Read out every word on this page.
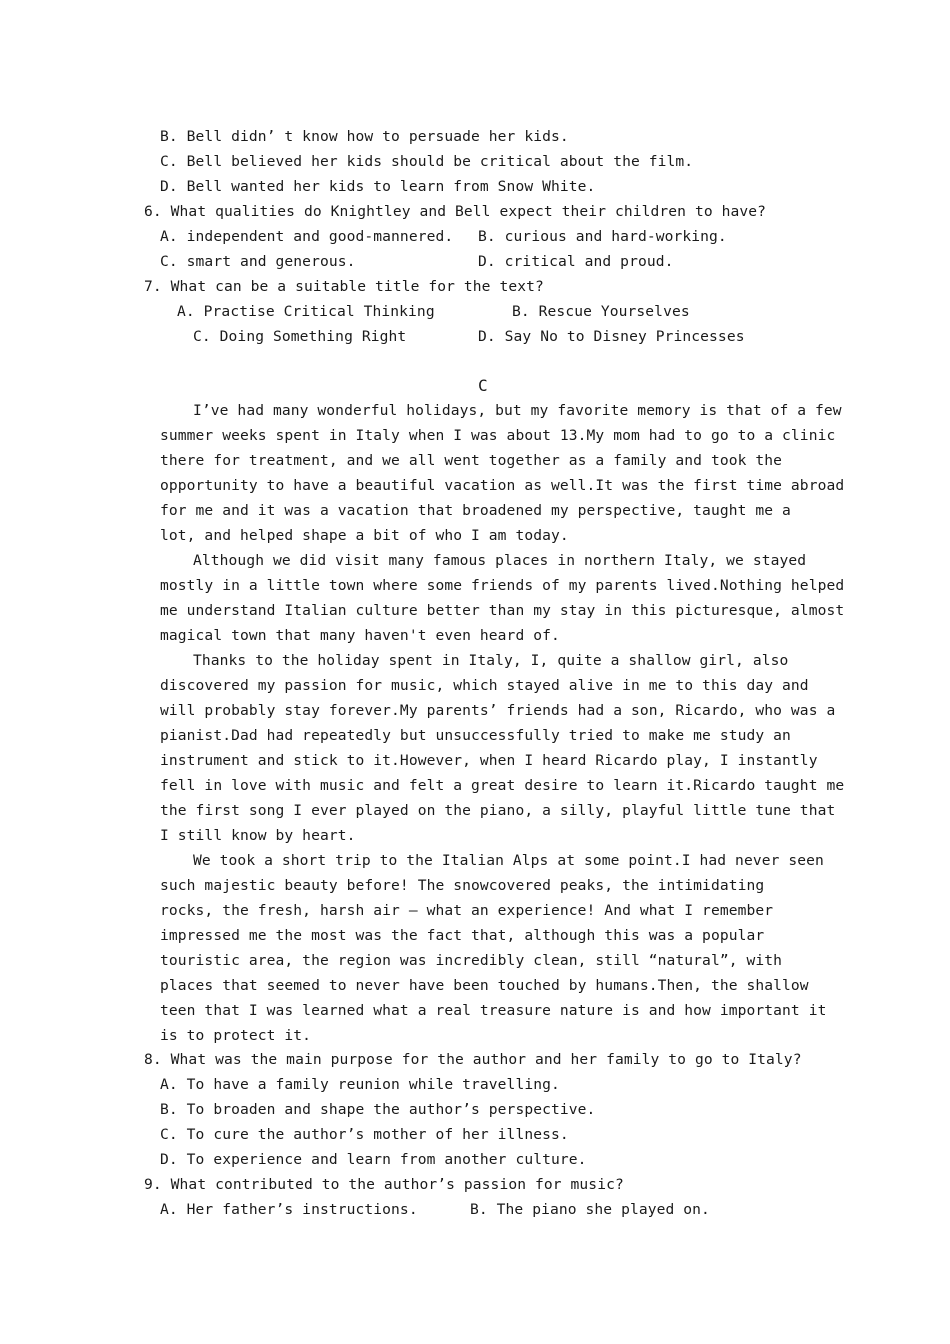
B. Bell didn’ t know how to persuade her kids.
C. Bell believed her kids should be critical about the film.
D. Bell wanted her kids to learn from Snow White.
6. What qualities do Knightley and Bell expect their children to have?
A. independent and good-mannered. B. curious and hard-working.
C. smart and generous.	D. critical and proud.
7. What can be a suitable title for the text?
A. Practise Critical Thinking	B. Rescue Yourselves
C. Doing Something Right	D. Say No to Disney Princesses
C
I’ve had many wonderful holidays, but my favorite memory is that of a few
summer weeks spent in Italy when I was about 13.My mom had to go to a clinic
there for treatment, and we all went together as a family and took the
opportunity to have a beautiful vacation as well.It was the first time abroad
for me and it was a vacation that broadened my perspective, taught me a
lot, and helped shape a bit of who I am today.
Although we did visit many famous places in northern Italy, we stayed
mostly in a little town where some friends of my parents lived.Nothing helped
me understand Italian culture better than my stay in this picturesque, almost
magical town that many haven't even heard of.
Thanks to the holiday spent in Italy, I, quite a shallow girl, also
discovered my passion for music, which stayed alive in me to this day and
will probably stay forever.My parents’ friends had a son, Ricardo, who was a
pianist.Dad had repeatedly but unsuccessfully tried to make me study an
instrument and stick to it.However, when I heard Ricardo play, I instantly
fell in love with music and felt a great desire to learn it.Ricardo taught me
the first song I ever played on the piano, a silly, playful little tune that
I still know by heart.
We took a short trip to the Italian Alps at some point.I had never seen
such majestic beauty before! The snowcovered peaks, the intimidating
rocks, the fresh, harsh air — what an experience! And what I remember
impressed me the most was the fact that, although this was a popular
touristic area, the region was incredibly clean, still “natural”, with
places that seemed to never have been touched by humans.Then, the shallow
teen that I was learned what a real treasure nature is and how important it
is to protect it.
8. What was the main purpose for the author and her family to go to Italy?
A. To have a family reunion while travelling.
B. To broaden and shape the author’s perspective.
C. To cure the author’s mother of her illness.
D. To experience and learn from another culture.
9. What contributed to the author’s passion for music?
A. Her father’s instructions.	B. The piano she played on.
